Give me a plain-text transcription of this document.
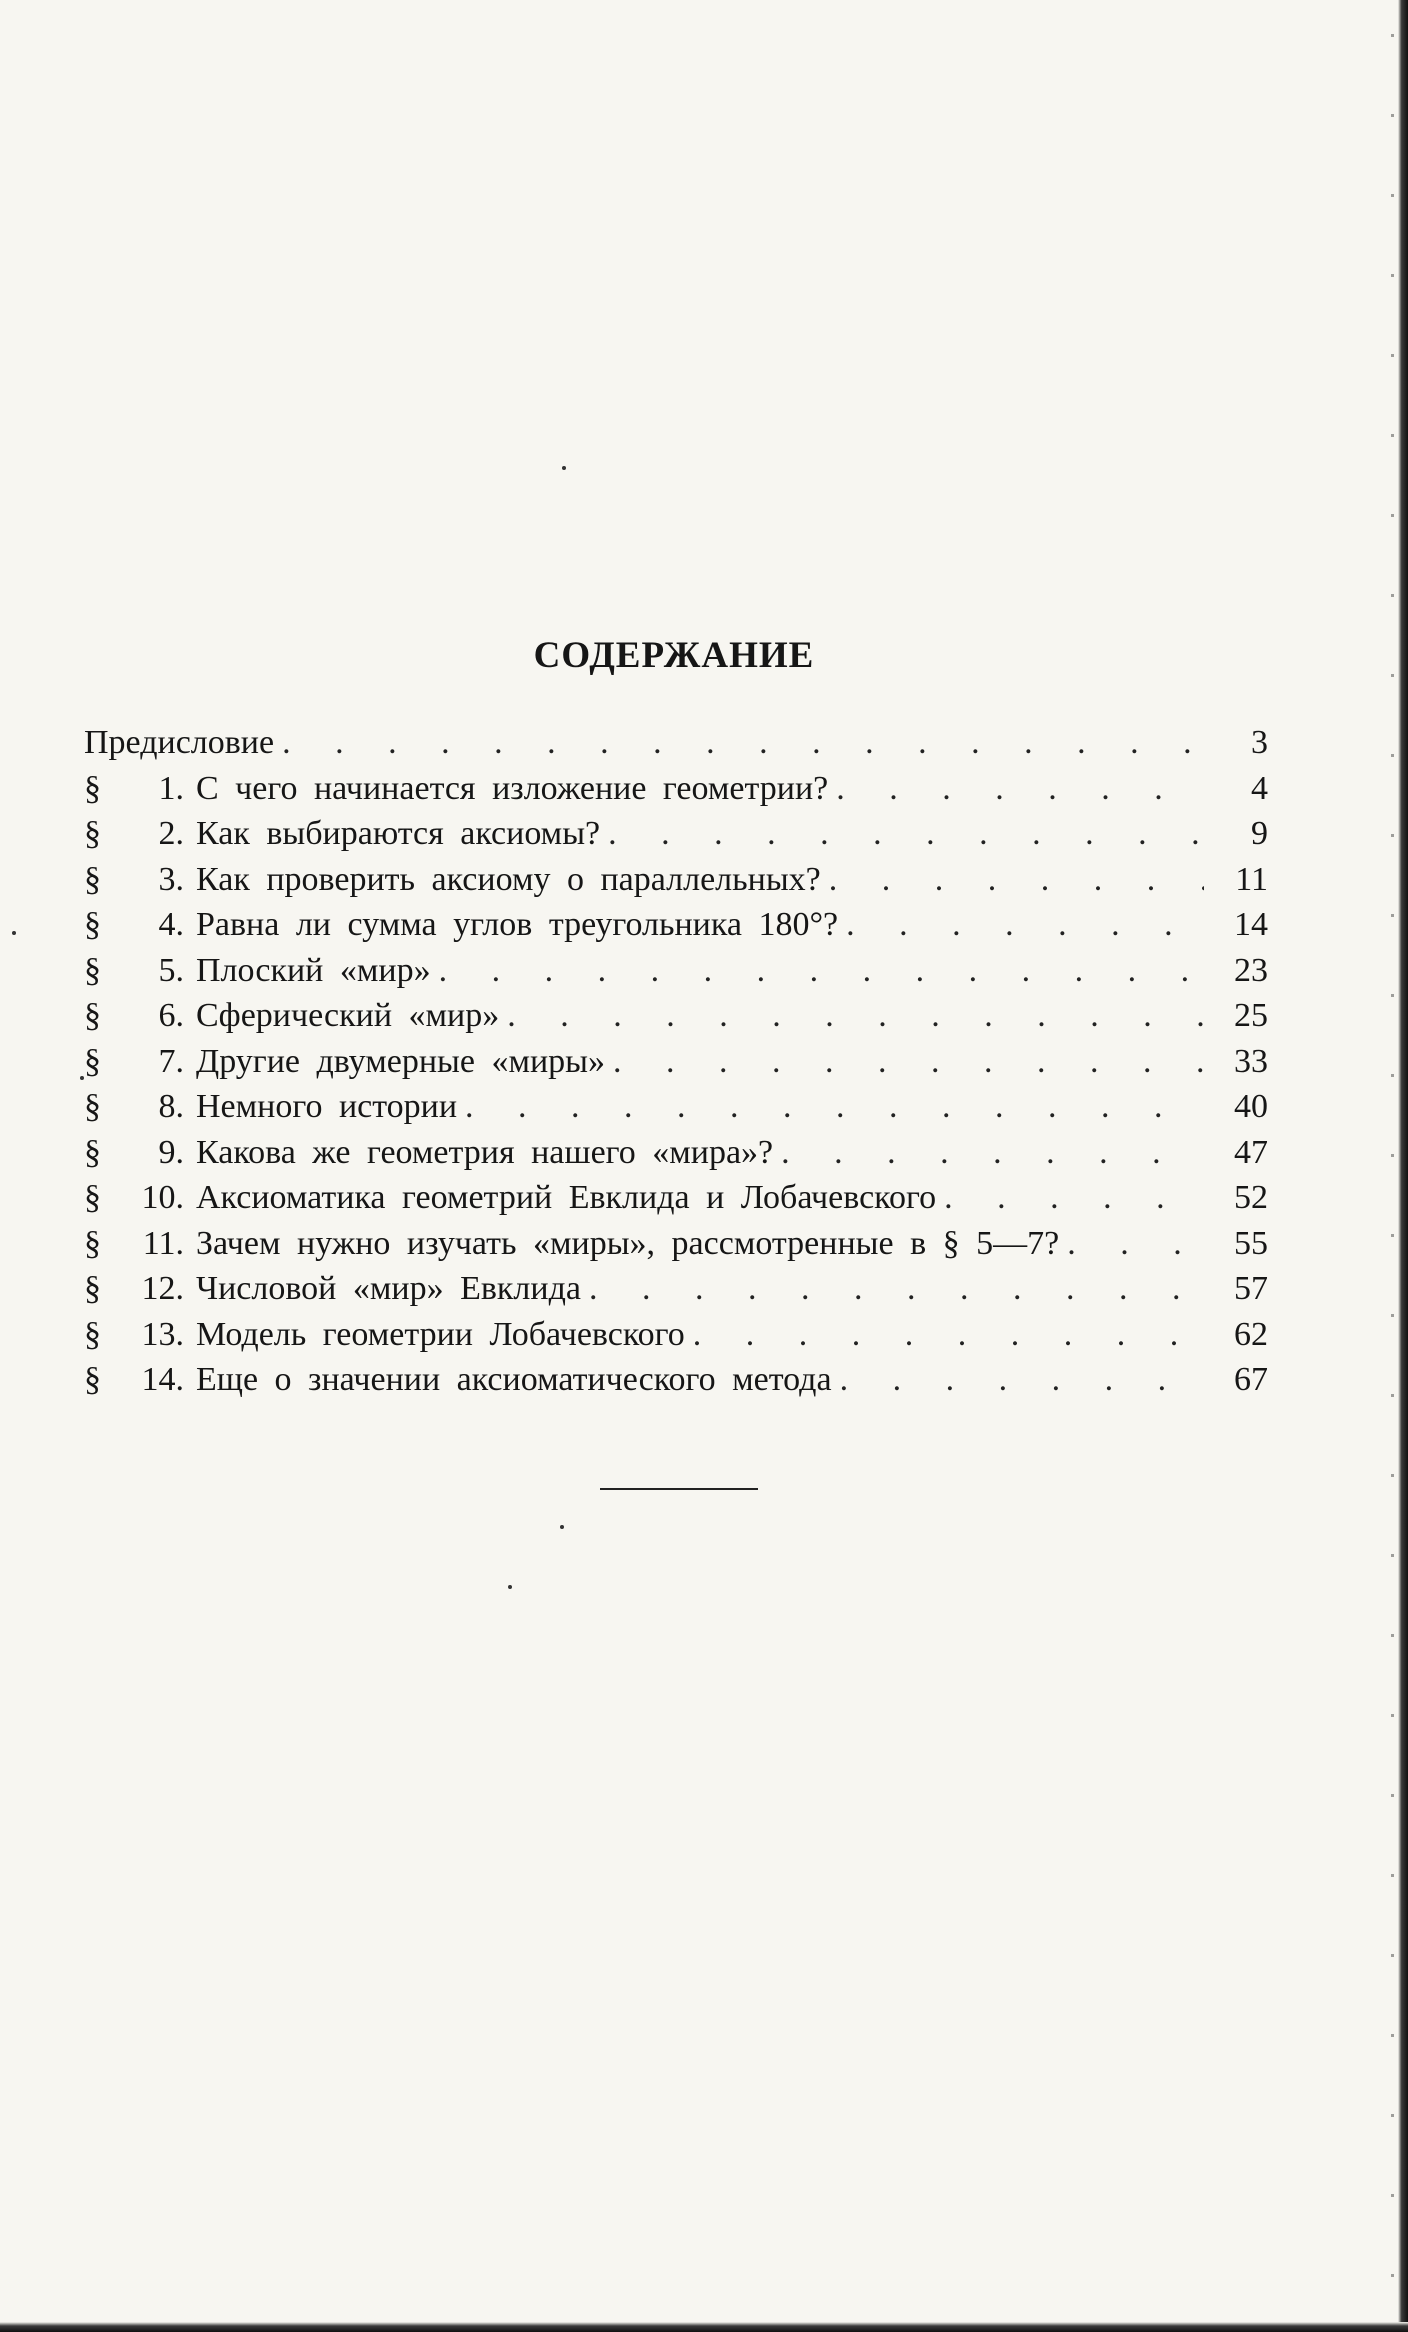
СОДЕРЖАНИЕ
Предисловие . . .	3
§	1. С чего начинается изложение геометрии? . . .	4
§	2. Как выбираются аксиомы? . . .	9
§	3. Как проверить аксиому о параллельных? . . .	11
§	4. Равна ли сумма углов треугольника 180°? . . .	14
§	5. Плоский «мир» . . .	23
§	6. Сферический «мир» . . .	25
§	7. Другие двумерные «миры» . . .	33
§	8. Немного истории . . .	40
§	9. Какова же геометрия нашего «мира»? . . .	47
§	10. Аксиоматика геометрий Евклида и Лобачевского . . .	52
§	11. Зачем нужно изучать «миры», рассмотренные в § 5—7? . . .	55
§	12. Числовой «мир» Евклида . . .	57
§	13. Модель геометрии Лобачевского . . .	62
§	14. Еще о значении аксиоматического метода . . .	67
